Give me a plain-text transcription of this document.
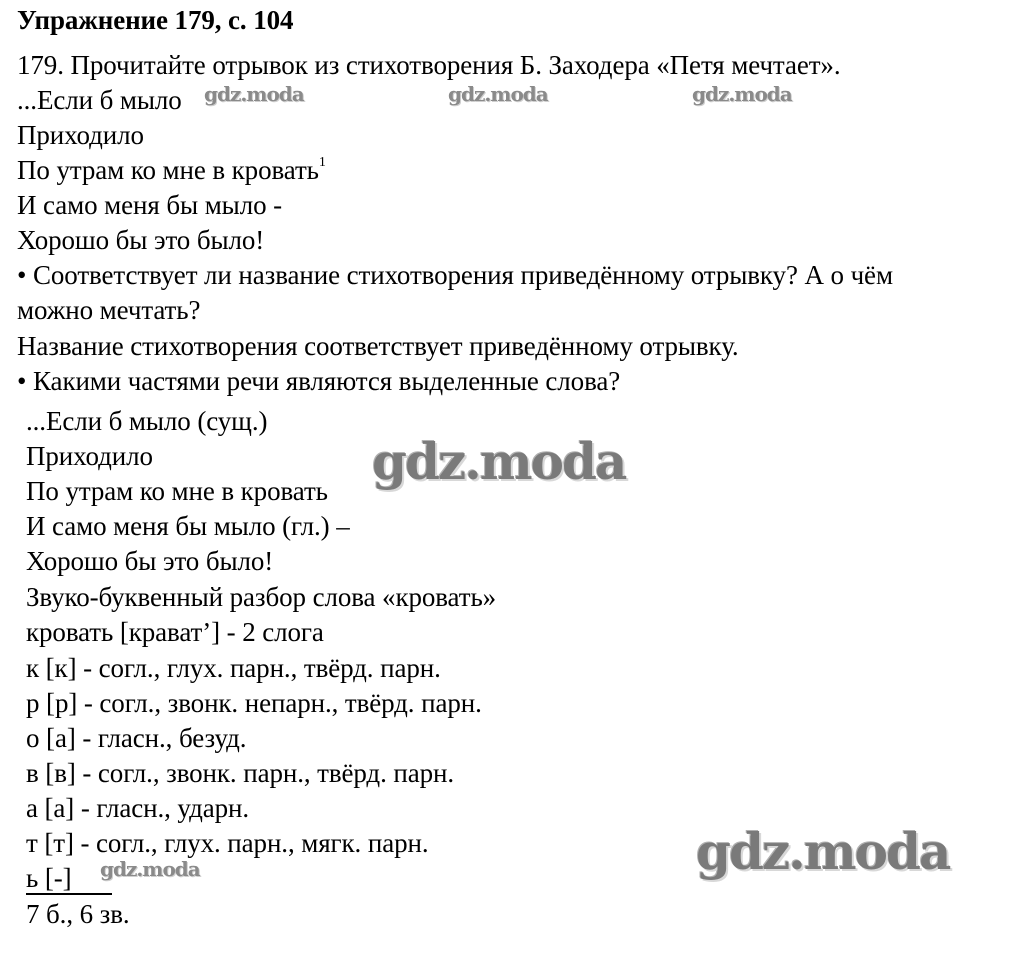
Упражнение 179, с. 104

179. Прочитайте отрывок из стихотворения Б. Заходера «Петя мечтает».

...Если б мыло

Приходило

По утрам ко мне в кровать$^1$

И само меня бы мыло -

Хорошо бы это было!

• Соответствует ли название стихотворения приведённому отрывку? А о чём

можно мечтать?

Название стихотворения соответствует приведённому отрывку.

• Какими частями речи являются выделенные слова?

...Если б мыло (сущ.)

Приходило

По утрам ко мне в кровать

И само меня бы мыло (гл.) –

Хорошо бы это было!

Звуко-буквенный разбор слова «кровать»

кровать [крават’] - 2 слога

к [к] - согл., глух. парн., твёрд. парн.

р [р] - согл., звонк. непарн., твёрд. парн.

о [а] - гласн., безуд.

в [в] - согл., звонк. парн., твёрд. парн.

а [а] - гласн., ударн.

т [т] - согл., глух. парн., мягк. парн.

ь [-]

7 б., 6 зв.

gdz.moda	gdz.moda	gdz.moda
gdz.moda
gdz.moda
gdz.moda
